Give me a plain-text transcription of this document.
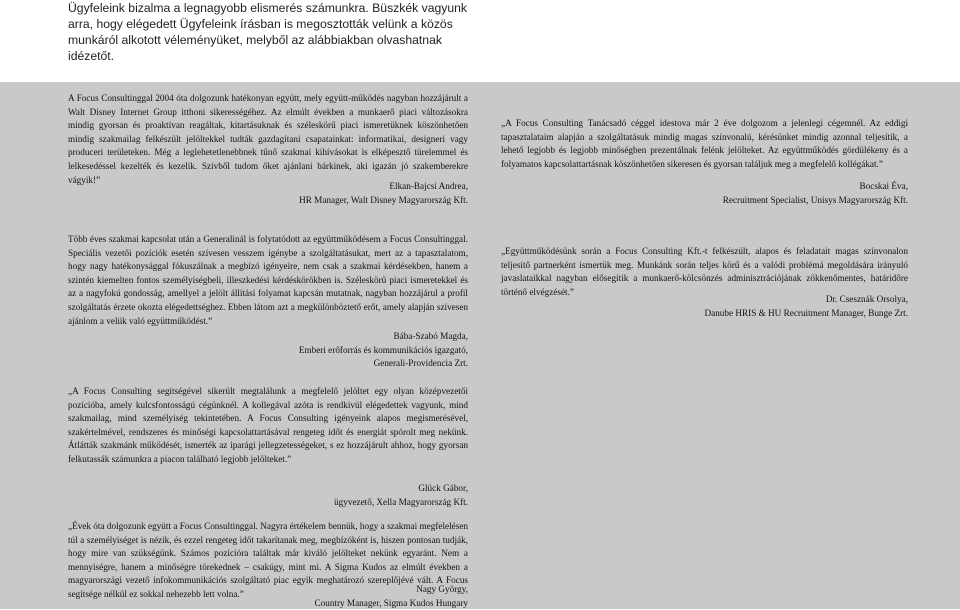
Ügyfeleink bizalma a legnagyobb elismerés számunkra. Büszkék vagyunk arra, hogy elégedett Ügyfeleink írásban is megosztották velünk a közös munkáról alkotott véleményüket, melyből az alábbiakban olvashatnak idézetőt.

A Focus Consultinggal 2004 óta dolgozunk hatékonyan együtt, mely együtt-működés nagyban hozzájárult a Walt Disney Internet Group itthoni sikerességéhez. Az elmúlt években a munkaerő piaci változásokra mindig gyorsan és proaktívan reagáltak, kitartásuknak és széleskörű piaci ismeretüknek köszönhetően mindig szakmailag felkészült jelöltekkel tudták gazdagítani csapatainkat: informatikai, designeri vagy produceri területeken. Még a leglehetetlenebbnek tűnő szakmai kihívásokat is elképesztő türelemmel és lelkesedéssel kezelték és kezelik. Szívből tudom őket ajánlani bárkinek, aki igazán jó szakemberekre vágyik!”

Elkan-Bajcsi Andrea,
HR Manager, Walt Disney Magyarország Kft.

„A Focus Consulting Tanácsadó céggel idestova már 2 éve dolgozom a jelenlegi cégemnél. Az eddigi tapasztalataim alapján a szolgáltatásuk mindig magas színvonalú, kérésünket mindig azonnal teljesítik, a lehető legjobb és legjobb minőségben prezentálnak felénk jelölteket. Az együttműködés gördülékeny és a folyamatos kapcsolattartásnak köszönhetően sikeresen és gyorsan találjuk meg a megfelelő kollégákat.”

Bocskai Éva,
Recruitment Specialist, Unisys Magyarország Kft.

Több éves szakmai kapcsolat után a Generalinál is folytatódott az együttműködésem a Focus Consultinggal. Speciális vezetői pozíciók esetén szívesen vesszem igénybe a szolgáltatásukat, mert az a tapasztalatom, hogy nagy hatékonysággal fókuszálnak a megbízó igényeire, nem csak a szakmai kérdésekben, hanem a szintén kiemelten fontos személyiségbeli, illeszkedési kérdéskörökben is. Széleskörű piaci ismeretekkel és az a nagyfokú gondosság, amellyel a jelölt állítási folyamat kapcsán mutatnak, nagyban hozzájárul a profil szolgáltatás érzete okozta elégedettséghez. Ebben látom azt a megkülönböztető erőt, amely alapján szívesen ajánlom a velük való együttműködést.”

Bába-Szabó Magda,
Emberi erőforrás és kommunikációs igazgató,
Generali-Providencia Zrt.

„Együttműködésünk során a Focus Consulting Kft.-t felkészült, alapos és feladatait magas színvonalon teljesítő partnerként ismertük meg. Munkánk során teljes körű és a valódi problémá megoldására irányuló javaslataikkal nagyban elősegítik a munkaerő-kölcsönzés adminisztrációjának zökkenőmentes, határidőre történő elvégzését.”

Dr. Csesznák Orsolya,
Danube HRIS & HU Recruitment Manager, Bunge Zrt.

„A Focus Consulting segítségével sikerült megtalálunk a megfelelő jelöltet egy olyan középvezetői pozícióba, amely kulcsfontosságú cégünknél. A kollegával azóta is rendkívül elégedettek vagyunk, mind szakmailag, mind személyiség tekintetében. A Focus Consulting igényeink alapos megismerésével, szakértelmével, rendszeres és minőségi kapcsolattartásával rengeteg időt és energiát spórolt meg nekünk. Átlátták szakmánk működését, ismerték az iparági jellegzetességeket, s ez hozzájárult ahhoz, hogy gyorsan felkutassák számunkra a piacon található legjobb jelölteket.”

Glück Gábor,
ügyvezető, Xella Magyarország Kft.

„Évek óta dolgozunk együtt a Focus Consultinggal. Nagyra értékelem bennük, hogy a szakmai megfelelésen túl a személyiséget is nézik, és ezzel rengeteg időt takarítanak meg, megbízóként is, hiszen pontosan tudják, hogy mire van szükségünk. Számos pozícióra találtak már kiváló jelölteket nekünk egyaránt. Nem a mennyiségre, hanem a minőségre törekednek – csakúgy, mint mi. A Sigma Kudos az elmúlt években a magyarországi vezető infokommunikációs szolgáltató piac egyik meghatározó szereplőjévé vált. A Focus segítsége nélkül ez sokkal nehezebb lett volna.”	Nagy György,
Country Manager, Sigma Kudos Hungary
